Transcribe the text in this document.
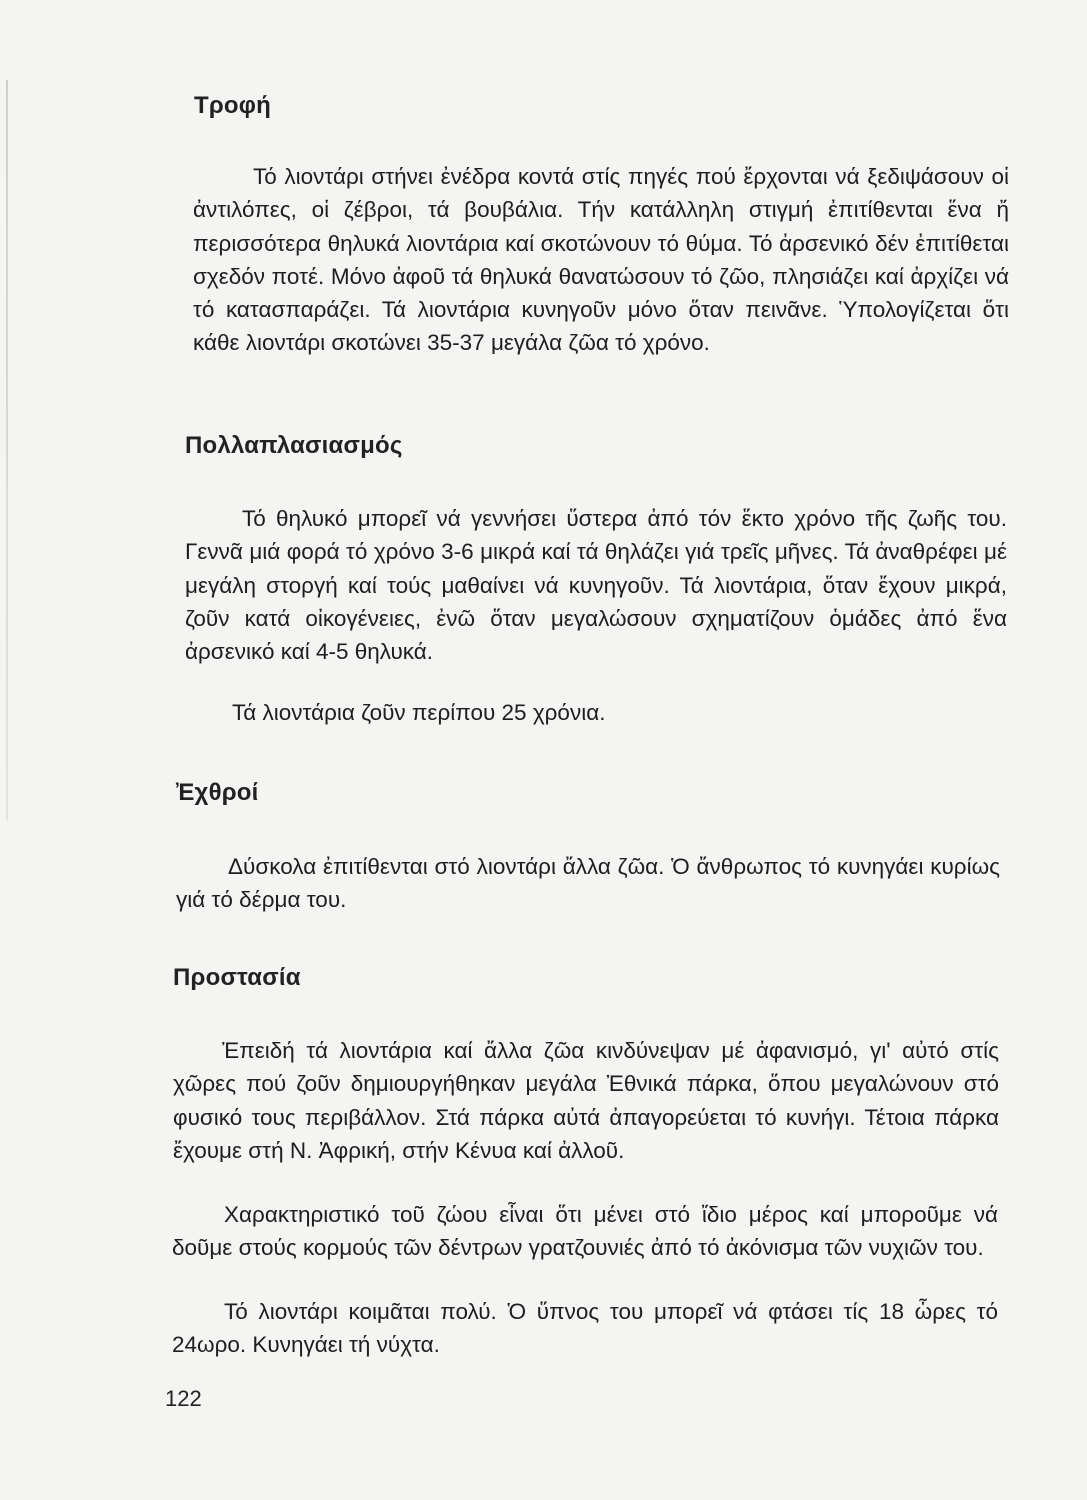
Τροφή

Τό λιοντάρι στήνει ἐνέδρα κοντά στίς πηγές πού ἔρχονται νά ξεδιψάσουν οἱ ἀντιλόπες, οἱ ζέβροι, τά βουβάλια. Τήν κατάλληλη στιγμή ἐπιτίθενται ἕνα ἤ περισσότερα θηλυκά λιοντάρια καί σκοτώνουν τό θύμα. Τό ἀρσενικό δέν ἐπιτίθεται σχεδόν ποτέ. Μόνο ἀφοῦ τά θηλυκά θανατώσουν τό ζῶο, πλησιάζει καί ἀρχίζει νά τό κατασπαράζει. Τά λιοντάρια κυνηγοῦν μόνο ὅταν πεινᾶνε. Ὑπολογίζεται ὅτι κάθε λιοντάρι σκοτώνει 35-37 μεγάλα ζῶα τό χρόνο.

Πολλαπλασιασμός

Τό θηλυκό μπορεῖ νά γεννήσει ὕστερα ἀπό τόν ἕκτο χρόνο τῆς ζωῆς του. Γεννᾶ μιά φορά τό χρόνο 3-6 μικρά καί τά θηλάζει γιά τρεῖς μῆνες. Τά ἀναθρέφει μέ μεγάλη στοργή καί τούς μαθαίνει νά κυνηγοῦν. Τά λιοντάρια, ὅταν ἔχουν μικρά, ζοῦν κατά οἰκογένειες, ἐνῶ ὅταν μεγαλώσουν σχηματίζουν ὁμάδες ἀπό ἕνα ἀρσενικό καί 4-5 θηλυκά.

Τά λιοντάρια ζοῦν περίπου 25 χρόνια.

Ἐχθροί

Δύσκολα ἐπιτίθενται στό λιοντάρι ἄλλα ζῶα. Ὁ ἄνθρωπος τό κυνηγάει κυρίως γιά τό δέρμα του.

Προστασία

Ἐπειδή τά λιοντάρια καί ἄλλα ζῶα κινδύνεψαν μέ ἀφανισμό, γι' αὐτό στίς χῶρες πού ζοῦν δημιουργήθηκαν μεγάλα Ἐθνικά πάρκα, ὅπου μεγαλώνουν στό φυσικό τους περιβάλλον. Στά πάρκα αὐτά ἀπαγορεύεται τό κυνήγι. Τέτοια πάρκα ἔχουμε στή Ν. Ἀφρική, στήν Κένυα καί ἀλλοῦ.

Χαρακτηριστικό τοῦ ζώου εἶναι ὅτι μένει στό ἴδιο μέρος καί μποροῦμε νά δοῦμε στούς κορμούς τῶν δέντρων γρατζουνιές ἀπό τό ἀκόνισμα τῶν νυχιῶν του.

Τό λιοντάρι κοιμᾶται πολύ. Ὁ ὕπνος του μπορεῖ νά φτάσει τίς 18 ὧρες τό 24ωρο. Κυνηγάει τή νύχτα.

122
